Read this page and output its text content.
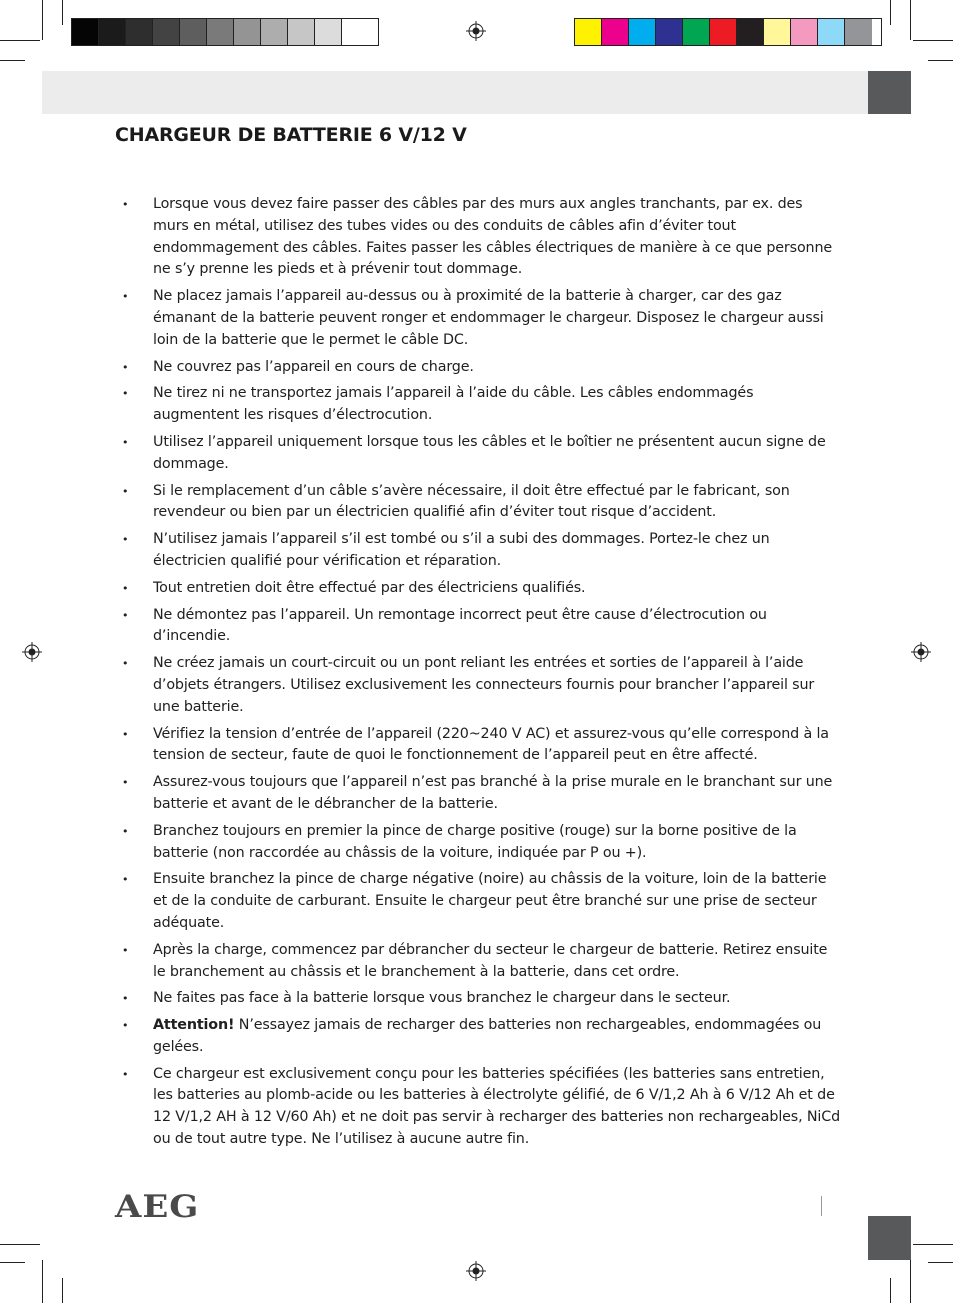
CHARGEUR DE BATTERIE 6 V/12 V
• Lorsque vous devez faire passer des câbles par des murs aux angles tranchants, par ex. des murs en métal, utilisez des tubes vides ou des conduits de câbles afin d’éviter tout endommagement des câbles. Faites passer les câbles électriques de manière à ce que personne ne s’y prenne les pieds et à prévenir tout dommage.
• Ne placez jamais l’appareil au-dessus ou à proximité de la batterie à charger, car des gaz émanant de la batterie peuvent ronger et endommager le chargeur. Disposez le chargeur aussi loin de la batterie que le permet le câble DC.
• Ne couvrez pas l’appareil en cours de charge.
• Ne tirez ni ne transportez jamais l’appareil à l’aide du câble. Les câbles endommagés augmentent les risques d’électrocution.
• Utilisez l’appareil uniquement lorsque tous les câbles et le boîtier ne présentent aucun signe de dommage.
• Si le remplacement d’un câble s’avère nécessaire, il doit être effectué par le fabricant, son revendeur ou bien par un électricien qualifié afin d’éviter tout risque d’accident.
• N’utilisez jamais l’appareil s’il est tombé ou s’il a subi des dommages. Portez-le chez un électricien qualifié pour vérification et réparation.
• Tout entretien doit être effectué par des électriciens qualifiés.
• Ne démontez pas l’appareil. Un remontage incorrect peut être cause d’électrocution ou d’incendie.
• Ne créez jamais un court-circuit ou un pont reliant les entrées et sorties de l’appareil à l’aide d’objets étrangers. Utilisez exclusivement les connecteurs fournis pour brancher l’appareil sur une batterie.
• Vérifiez la tension d’entrée de l’appareil (220~240 V AC) et assurez-vous qu’elle correspond à la tension de secteur, faute de quoi le fonctionnement de l’appareil peut en être affecté.
• Assurez-vous toujours que l’appareil n’est pas branché à la prise murale en le branchant sur une batterie et avant de le débrancher de la batterie.
• Branchez toujours en premier la pince de charge positive (rouge) sur la borne positive de la batterie (non raccordée au châssis de la voiture, indiquée par P ou +).
• Ensuite branchez la pince de charge négative (noire) au châssis de la voiture, loin de la batterie et de la conduite de carburant. Ensuite le chargeur peut être branché sur une prise de secteur adéquate.
• Après la charge, commencez par débrancher du secteur le chargeur de batterie. Retirez ensuite le branchement au châssis et le branchement à la batterie, dans cet ordre.
• Ne faites pas face à la batterie lorsque vous branchez le chargeur dans le secteur.
• Attention! N’essayez jamais de recharger des batteries non rechargeables, endommagées ou gelées.
• Ce chargeur est exclusivement conçu pour les batteries spécifiées (les batteries sans entretien, les batteries au plomb-acide ou les batteries à électrolyte gélifié, de 6 V/1,2 Ah à 6 V/12 Ah et de 12 V/1,2 AH à 12 V/60 Ah) et ne doit pas servir à recharger des batteries non rechargeables, NiCd ou de tout autre type. Ne l’utilisez à aucune autre fin.
AEG
